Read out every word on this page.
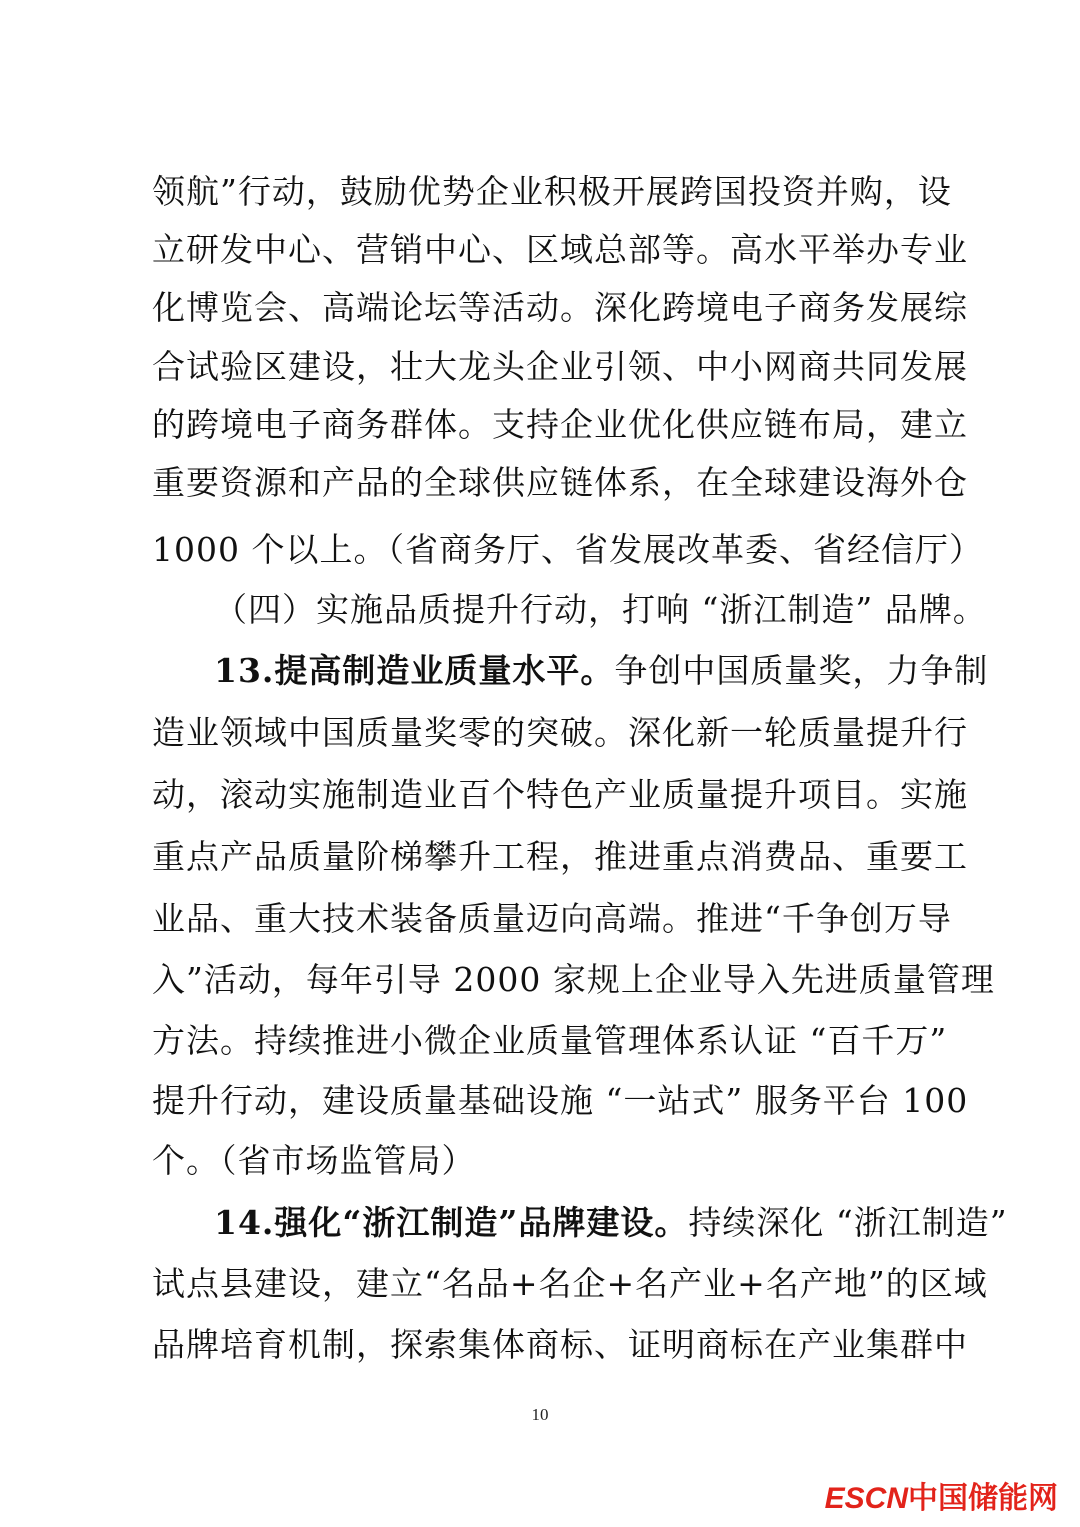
领航”行动，鼓励优势企业积极开展跨国投资并购，设
立研发中心、营销中心、区域总部等。高水平举办专业
化博览会、高端论坛等活动。深化跨境电子商务发展综
合试验区建设，壮大龙头企业引领、中小网商共同发展
的跨境电子商务群体。支持企业优化供应链布局，建立
重要资源和产品的全球供应链体系，在全球建设海外仓
1000 个以上。（省商务厅、省发展改革委、省经信厅）
（四）实施品质提升行动，打响 “浙江制造” 品牌。
13.提高制造业质量水平。争创中国质量奖，力争制
造业领域中国质量奖零的突破。深化新一轮质量提升行
动，滚动实施制造业百个特色产业质量提升项目。实施
重点产品质量阶梯攀升工程，推进重点消费品、重要工
业品、重大技术装备质量迈向高端。推进“千争创万导
入”活动，每年引导 2000 家规上企业导入先进质量管理
方法。持续推进小微企业质量管理体系认证 “百千万”
提升行动，建设质量基础设施 “一站式” 服务平台 100
个。（省市场监管局）
14.强化“浙江制造”品牌建设。持续深化 “浙江制造”
试点县建设，建立“名品+名企+名产业+名产地”的区域
品牌培育机制，探索集体商标、证明商标在产业集群中
10
ESCN中国储能网
